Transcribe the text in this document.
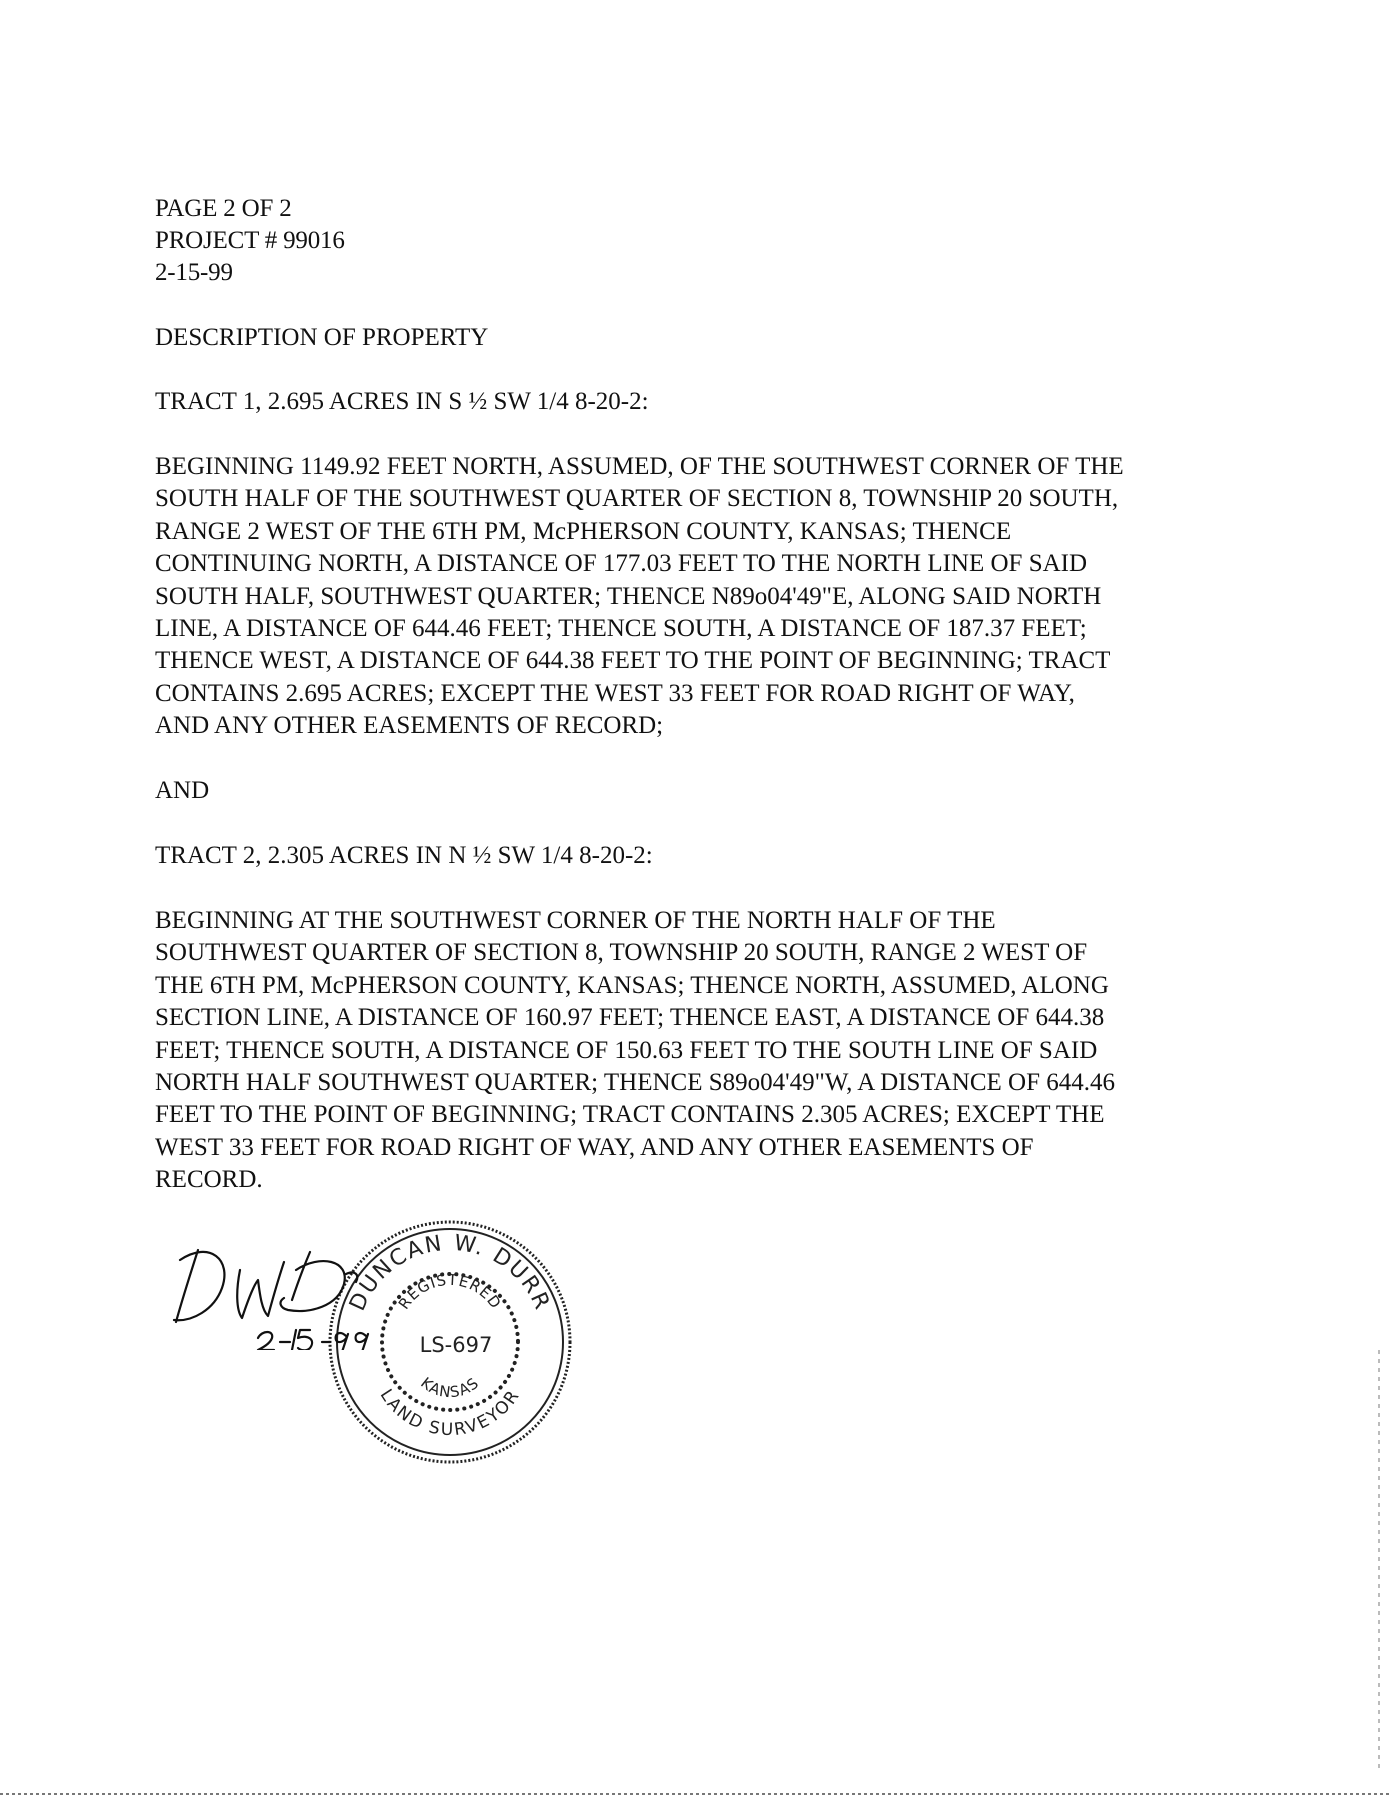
PAGE 2 OF 2
PROJECT # 99016
2-15-99
DESCRIPTION OF PROPERTY
TRACT 1, 2.695 ACRES IN S ½ SW 1/4 8-20-2:
BEGINNING 1149.92 FEET NORTH, ASSUMED, OF THE SOUTHWEST CORNER OF THE
SOUTH HALF OF THE SOUTHWEST QUARTER OF SECTION 8, TOWNSHIP 20 SOUTH,
RANGE 2 WEST OF THE 6TH PM, McPHERSON COUNTY, KANSAS; THENCE
CONTINUING NORTH, A DISTANCE OF 177.03 FEET TO THE NORTH LINE OF SAID
SOUTH HALF, SOUTHWEST QUARTER; THENCE N89o04'49"E, ALONG SAID NORTH
LINE, A DISTANCE OF 644.46 FEET; THENCE SOUTH, A DISTANCE OF 187.37 FEET;
THENCE WEST, A DISTANCE OF 644.38 FEET TO THE POINT OF BEGINNING; TRACT
CONTAINS 2.695 ACRES; EXCEPT THE WEST 33 FEET FOR ROAD RIGHT OF WAY,
AND ANY OTHER EASEMENTS OF RECORD;
AND
TRACT 2, 2.305 ACRES IN N ½ SW 1/4 8-20-2:
BEGINNING AT THE SOUTHWEST CORNER OF THE NORTH HALF OF THE
SOUTHWEST QUARTER OF SECTION 8, TOWNSHIP 20 SOUTH, RANGE 2 WEST OF
THE 6TH PM, McPHERSON COUNTY, KANSAS; THENCE NORTH, ASSUMED, ALONG
SECTION LINE, A DISTANCE OF 160.97 FEET; THENCE EAST, A DISTANCE OF 644.38
FEET; THENCE SOUTH, A DISTANCE OF 150.63 FEET TO THE SOUTH LINE OF SAID
NORTH HALF SOUTHWEST QUARTER; THENCE S89o04'49"W, A DISTANCE OF 644.46
FEET TO THE POINT OF BEGINNING; TRACT CONTAINS 2.305 ACRES; EXCEPT THE
WEST 33 FEET FOR ROAD RIGHT OF WAY, AND ANY OTHER EASEMENTS OF
RECORD.
DUNCAN W. DURR
REGISTERED
LS-697
KANSAS
LAND SURVEYOR
